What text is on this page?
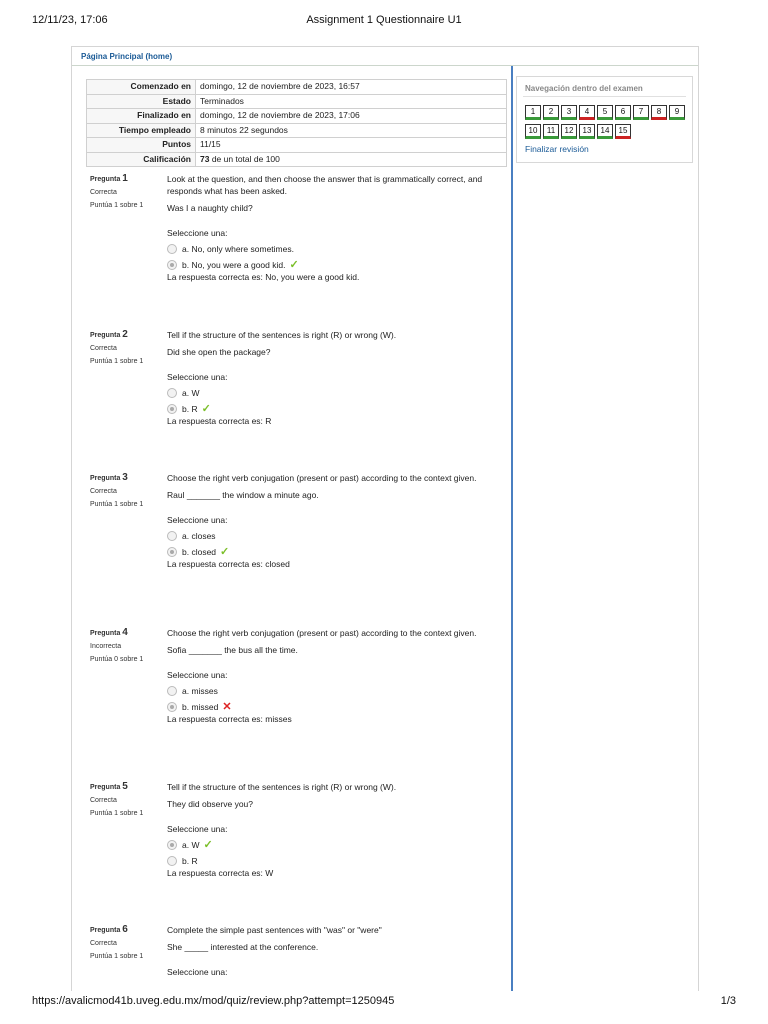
12/11/23, 17:06	Assignment 1 Questionnaire U1
Página Principal (home)
Comenzado en	domingo, 12 de noviembre de 2023, 16:57
Estado	Terminados
Finalizado en	domingo, 12 de noviembre de 2023, 17:06
Tiempo empleado	8 minutos 22 segundos
Puntos	11/15
Calificación	73 de un total de 100
Navegación dentro del examen
1 2 3 4 5 6 7 8 9
10 11 12 13 14 15
Finalizar revisión
Pregunta 1
Correcta
Puntúa 1 sobre 1

Look at the question, and then choose the answer that is grammatically correct, and responds what has been asked.

Was I a naughty child?

Seleccione una:

a. No, only where sometimes.
b. No, you were a good kid. ✓

La respuesta correcta es: No, you were a good kid.

Pregunta 2
Correcta
Puntúa 1 sobre 1

Tell if the structure of the sentences is right (R) or wrong (W).

Did she open the package?

Seleccione una:

a. W
b. R ✓

La respuesta correcta es: R

Pregunta 3
Correcta
Puntúa 1 sobre 1

Choose the right verb conjugation (present or past) according to the context given.

Raul _______ the window a minute ago.

Seleccione una:

a. closes
b. closed ✓

La respuesta correcta es: closed

Pregunta 4
Incorrecta
Puntúa 0 sobre 1

Choose the right verb conjugation (present or past) according to the context given.

Sofia _______ the bus all the time.

Seleccione una:

a. misses
b. missed ✕

La respuesta correcta es: misses

Pregunta 5
Correcta
Puntúa 1 sobre 1

Tell if the structure of the sentences is right (R) or wrong (W).

They did observe you?

Seleccione una:

a. W ✓
b. R

La respuesta correcta es: W

Pregunta 6
Correcta
Puntúa 1 sobre 1

Complete the simple past sentences with "was" or "were"

She _____ interested at the conference.

Seleccione una:

https://avalicmod41b.uveg.edu.mx/mod/quiz/review.php?attempt=1250945	1/3
